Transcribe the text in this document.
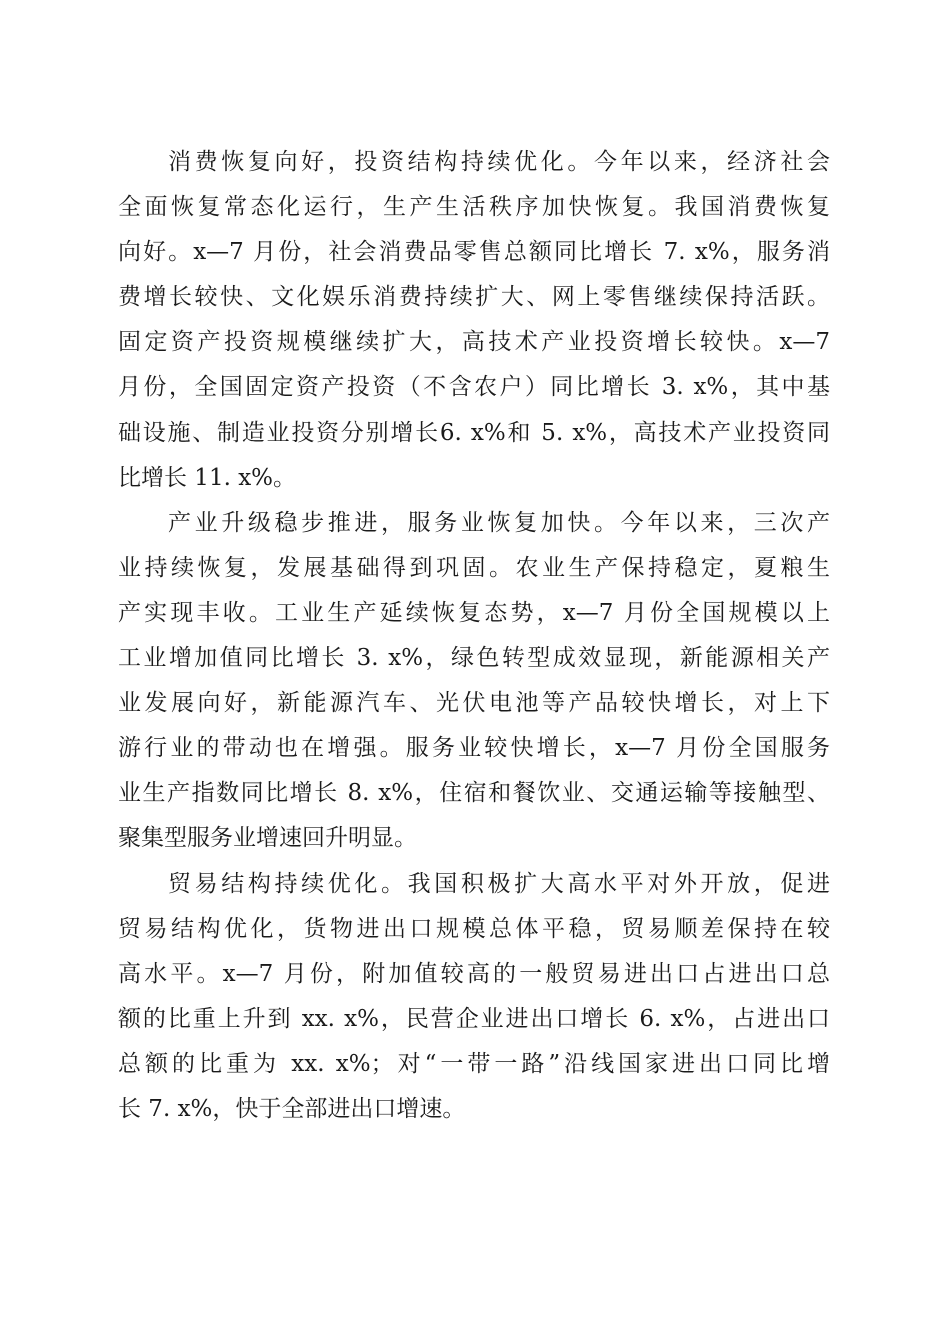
消费恢复向好，投资结构持续优化。今年以来，经济社会
全面恢复常态化运行，生产生活秩序加快恢复。我国消费恢复
向好。x—7 月份，社会消费品零售总额同比增长 7. x%，服务消
费增长较快、文化娱乐消费持续扩大、网上零售继续保持活跃。
固定资产投资规模继续扩大，高技术产业投资增长较快。x—7
月份，全国固定资产投资（不含农户）同比增长 3. x%，其中基
础设施、制造业投资分别增长6. x%和 5. x%，高技术产业投资同
比增长 11. x%。
产业升级稳步推进，服务业恢复加快。今年以来，三次产
业持续恢复，发展基础得到巩固。农业生产保持稳定，夏粮生
产实现丰收。工业生产延续恢复态势，x—7 月份全国规模以上
工业增加值同比增长 3. x%，绿色转型成效显现，新能源相关产
业发展向好，新能源汽车、光伏电池等产品较快增长，对上下
游行业的带动也在增强。服务业较快增长，x—7 月份全国服务
业生产指数同比增长 8. x%，住宿和餐饮业、交通运输等接触型、
聚集型服务业增速回升明显。
贸易结构持续优化。我国积极扩大高水平对外开放，促进
贸易结构优化，货物进出口规模总体平稳，贸易顺差保持在较
高水平。x—7 月份，附加值较高的一般贸易进出口占进出口总
额的比重上升到 xx. x%，民营企业进出口增长 6. x%，占进出口
总额的比重为 xx. x%；对“一带一路”沿线国家进出口同比增
长 7. x%，快于全部进出口增速。
